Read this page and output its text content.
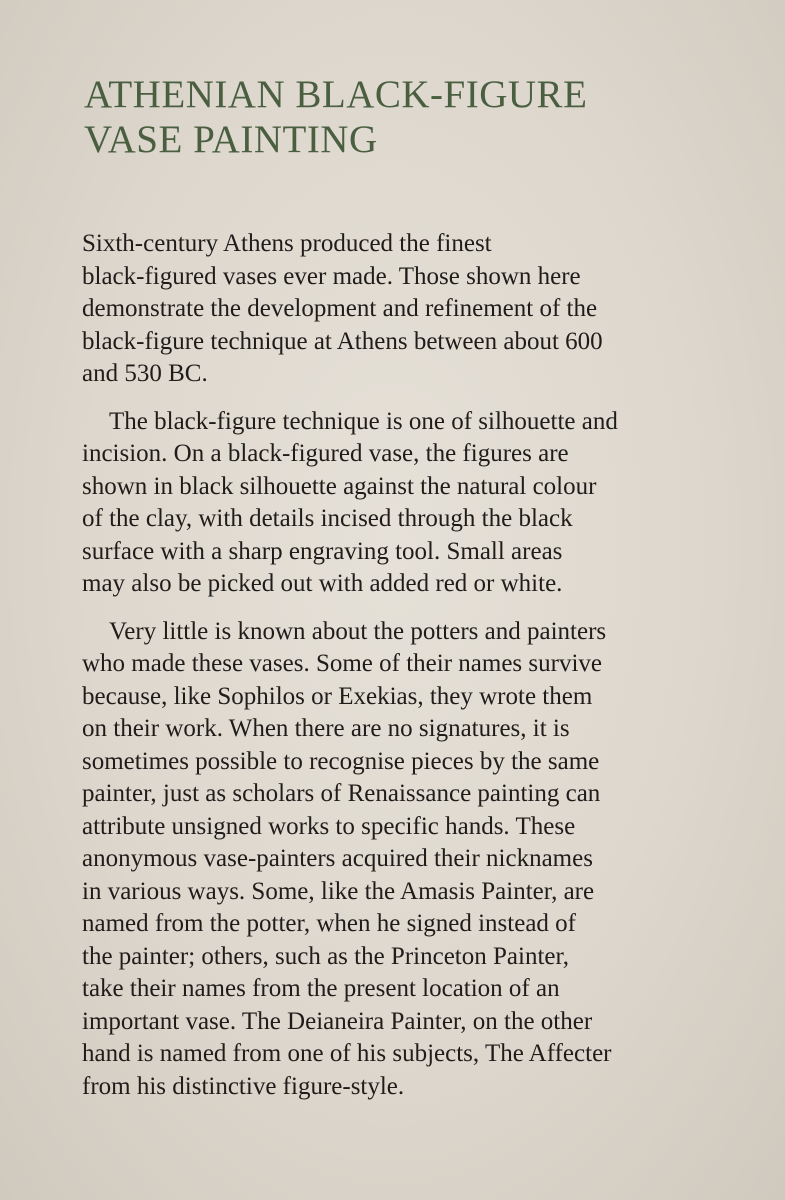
ATHENIAN BLACK-FIGURE
VASE PAINTING

Sixth-century Athens produced the finest
black-figured vases ever made. Those shown here
demonstrate the development and refinement of the
black-figure technique at Athens between about 600
and 530 BC.

The black-figure technique is one of silhouette and
incision. On a black-figured vase, the figures are
shown in black silhouette against the natural colour
of the clay, with details incised through the black
surface with a sharp engraving tool. Small areas
may also be picked out with added red or white.

Very little is known about the potters and painters
who made these vases. Some of their names survive
because, like Sophilos or Exekias, they wrote them
on their work. When there are no signatures, it is
sometimes possible to recognise pieces by the same
painter, just as scholars of Renaissance painting can
attribute unsigned works to specific hands. These
anonymous vase-painters acquired their nicknames
in various ways. Some, like the Amasis Painter, are
named from the potter, when he signed instead of
the painter; others, such as the Princeton Painter,
take their names from the present location of an
important vase. The Deianeira Painter, on the other
hand is named from one of his subjects, The Affecter
from his distinctive figure-style.
